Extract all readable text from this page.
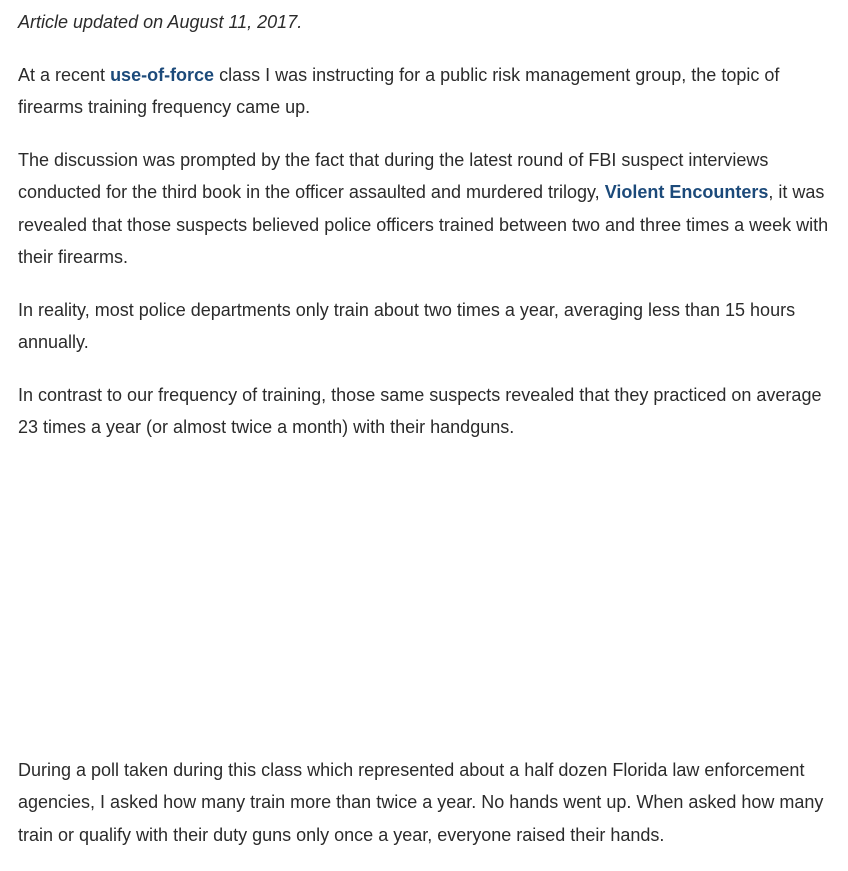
Article updated on August 11, 2017.

At a recent use-of-force class I was instructing for a public risk management group, the topic of firearms training frequency came up.

The discussion was prompted by the fact that during the latest round of FBI suspect interviews conducted for the third book in the officer assaulted and murdered trilogy, Violent Encounters, it was revealed that those suspects believed police officers trained between two and three times a week with their firearms.

In reality, most police departments only train about two times a year, averaging less than 15 hours annually.

In contrast to our frequency of training, those same suspects revealed that they practiced on average 23 times a year (or almost twice a month) with their handguns.

During a poll taken during this class which represented about a half dozen Florida law enforcement agencies, I asked how many train more than twice a year. No hands went up. When asked how many train or qualify with their duty guns only once a year, everyone raised their hands.
